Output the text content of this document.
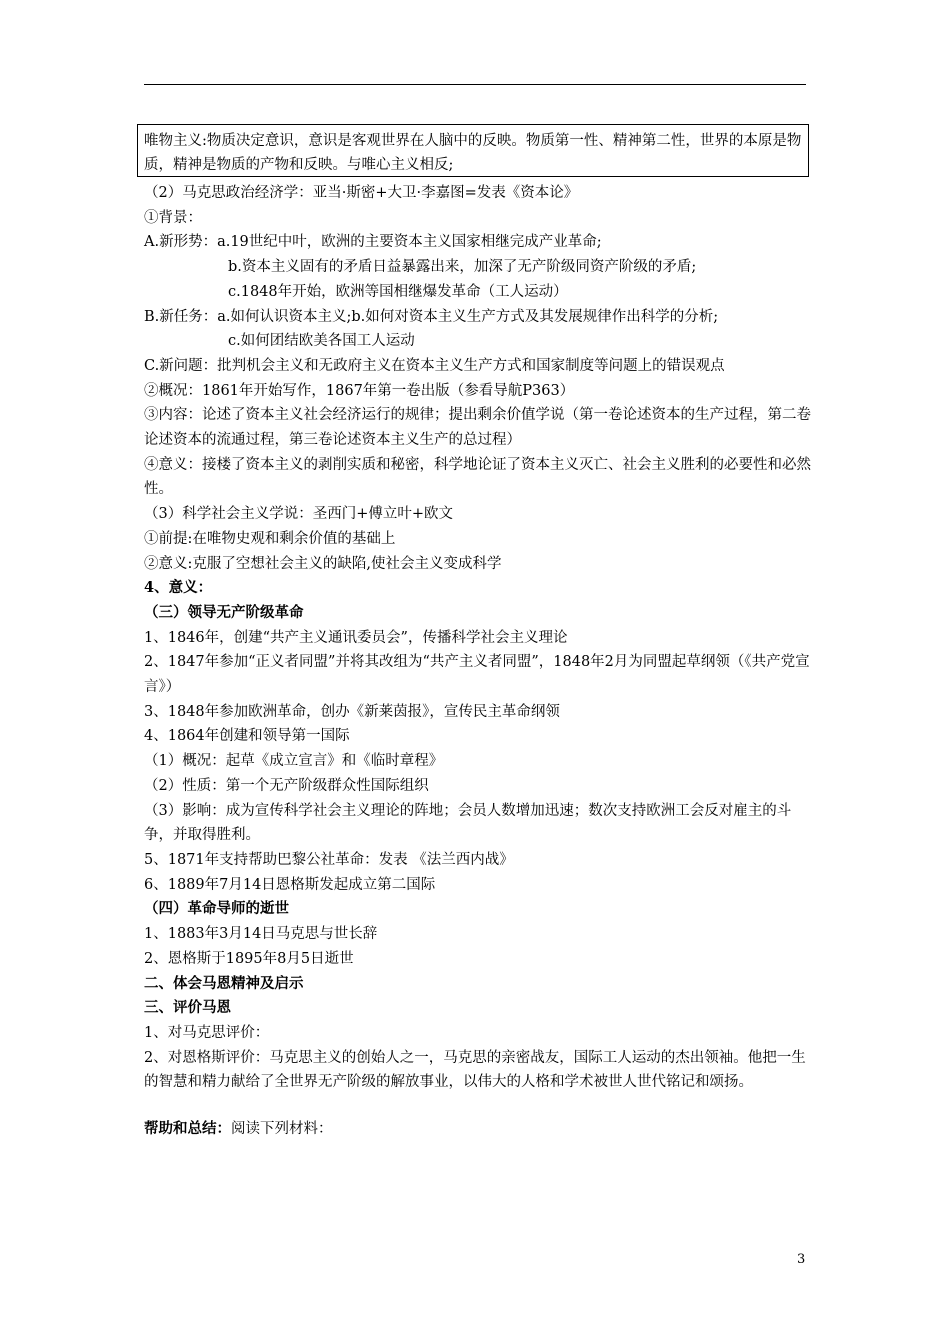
唯物主义:物质决定意识，意识是客观世界在人脑中的反映。物质第一性、精神第二性，世界的本原是物质，精神是物质的产物和反映。与唯心主义相反;
（2）马克思政治经济学：亚当·斯密+大卫·李嘉图=发表《资本论》
①背景：
A.新形势：a.19世纪中叶，欧洲的主要资本主义国家相继完成产业革命;
b.资本主义固有的矛盾日益暴露出来，加深了无产阶级同资产阶级的矛盾;
c.1848年开始，欧洲等国相继爆发革命（工人运动）
B.新任务：a.如何认识资本主义;b.如何对资本主义生产方式及其发展规律作出科学的分析;
c.如何团结欧美各国工人运动
C.新问题：批判机会主义和无政府主义在资本主义生产方式和国家制度等问题上的错误观点
②概况：1861年开始写作，1867年第一卷出版（参看导航P363）
③内容：论述了资本主义社会经济运行的规律；提出剩余价值学说（第一卷论述资本的生产过程，第二卷论述资本的流通过程，第三卷论述资本主义生产的总过程）
④意义：接楼了资本主义的剥削实质和秘密，科学地论证了资本主义灭亡、社会主义胜利的必要性和必然性。
（3）科学社会主义学说：圣西门+傅立叶+欧文
①前提:在唯物史观和剩余价值的基础上
②意义:克服了空想社会主义的缺陷,使社会主义变成科学
4、意义：
（三）领导无产阶级革命
1、1846年，创建“共产主义通讯委员会”，传播科学社会主义理论
2、1847年参加“正义者同盟”并将其改组为“共产主义者同盟”，1848年2月为同盟起草纲领（《共产党宣言》）
3、1848年参加欧洲革命，创办《新莱茵报》，宣传民主革命纲领
4、1864年创建和领导第一国际
（1）概况：起草《成立宣言》和《临时章程》
（2）性质：第一个无产阶级群众性国际组织
（3）影响：成为宣传科学社会主义理论的阵地；会员人数增加迅速；数次支持欧洲工会反对雇主的斗争，并取得胜利。
5、1871年支持帮助巴黎公社革命：发表 《法兰西内战》
6、1889年7月14日恩格斯发起成立第二国际
（四）革命导师的逝世
1、1883年3月14日马克思与世长辞
2、恩格斯于1895年8月5日逝世
二、体会马恩精神及启示
三、评价马恩
1、对马克思评价：
2、对恩格斯评价：马克思主义的创始人之一，马克思的亲密战友，国际工人运动的杰出领袖。他把一生的智慧和精力献给了全世界无产阶级的解放事业，以伟大的人格和学术被世人世代铭记和颂扬。
帮助和总结：阅读下列材料：
3
